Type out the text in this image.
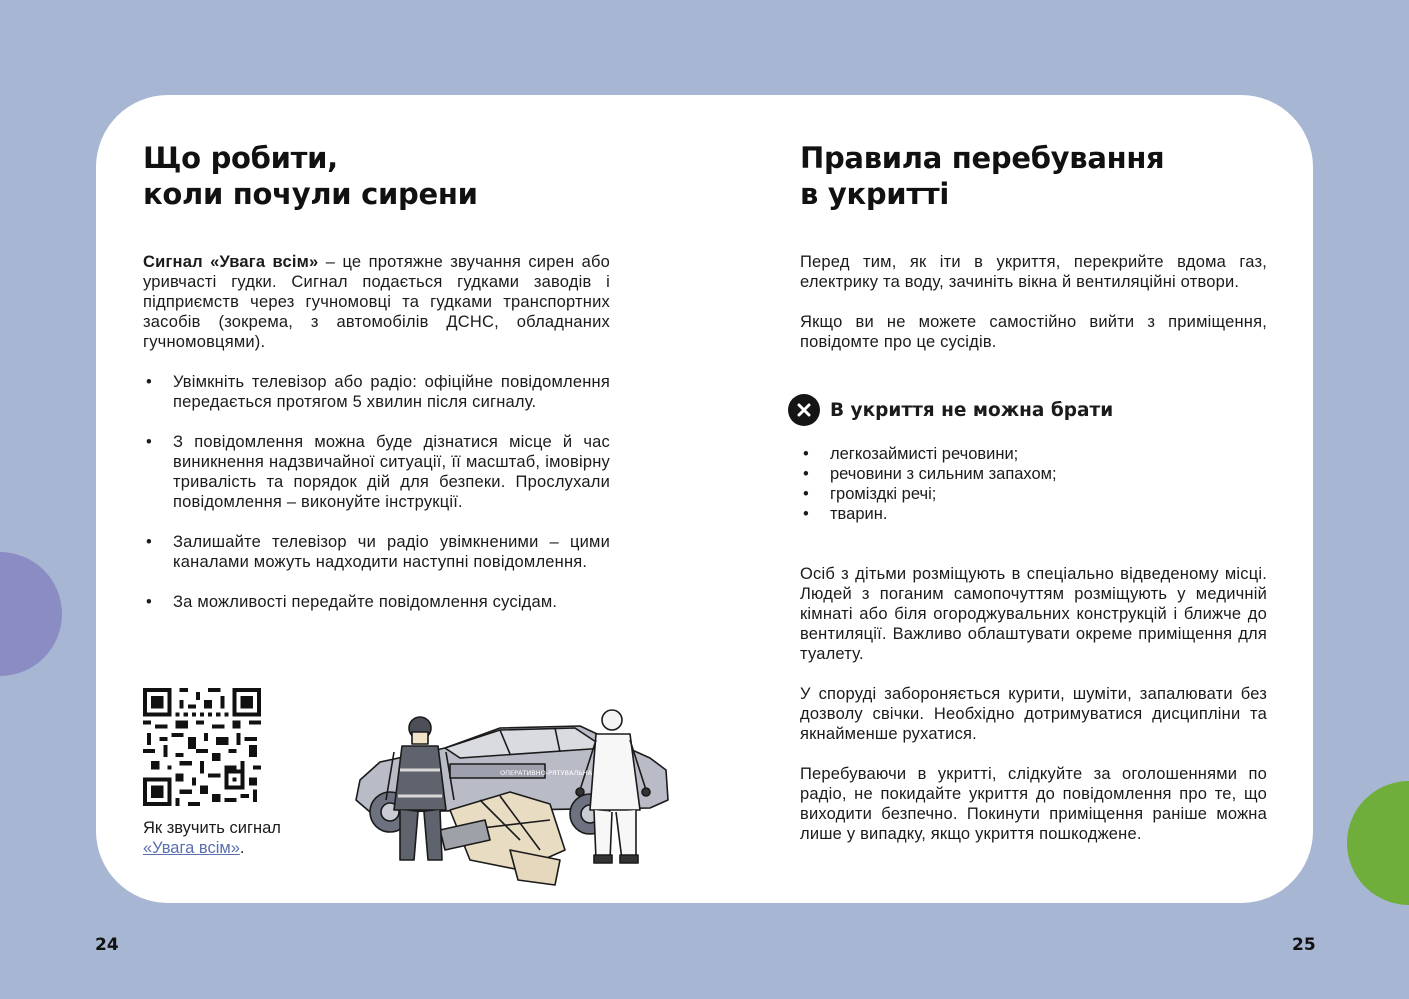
Що робити,
коли почули сирени

Сигнал «Увага всім» – це протяжне звучання сирен або уривчасті гудки. Сигнал подається гудками заводів і підприємств через гучномовці та гудками транспортних засобів (зокрема, з автомобілів ДСНС, обладнаних гучномовцями).

• Увімкніть телевізор або радіо: офіційне повідомлення передається протягом 5 хвилин після сигналу.
• З повідомлення можна буде дізнатися місце й час виникнення надзвичайної ситуації, її масштаб, імовірну тривалість та порядок дій для безпеки. Прослухали повідомлення – виконуйте інструкції.
• Залишайте телевізор чи радіо увімкненими – цими каналами можуть надходити наступні повідомлення.
• За можливості передайте повідомлення сусідам.

Як звучить сигнал
«Увага всім».

ОПЕРАТИВНО-РЯТУВАЛЬНА
Правила перебування
в укритті

Перед тим, як іти в укриття, перекрийте вдома газ, електрику та воду, зачиніть вікна й вентиляційні отвори.

Якщо ви не можете самостійно вийти з приміщення, повідомте про це сусідів.

В укриття не можна брати
• легкозаймисті речовини;
• речовини з сильним запахом;
• громіздкі речі;
• тварин.

Осіб з дітьми розміщують в спеціально відведеному місці. Людей з поганим самопочуттям розміщують у медичній кімнаті або біля огороджувальних конструкцій і ближче до вентиляції. Важливо облаштувати окреме приміщення для туалету.

У споруді забороняється курити, шуміти, запалювати без дозволу свічки. Необхідно дотримуватися дисципліни та якнайменше рухатися.

Перебуваючи в укритті, слідкуйте за оголошеннями по радіо, не покидайте укриття до повідомлення про те, що виходити безпечно. Покинути приміщення раніше можна лише у випадку, якщо укриття пошкоджене.

24	25
